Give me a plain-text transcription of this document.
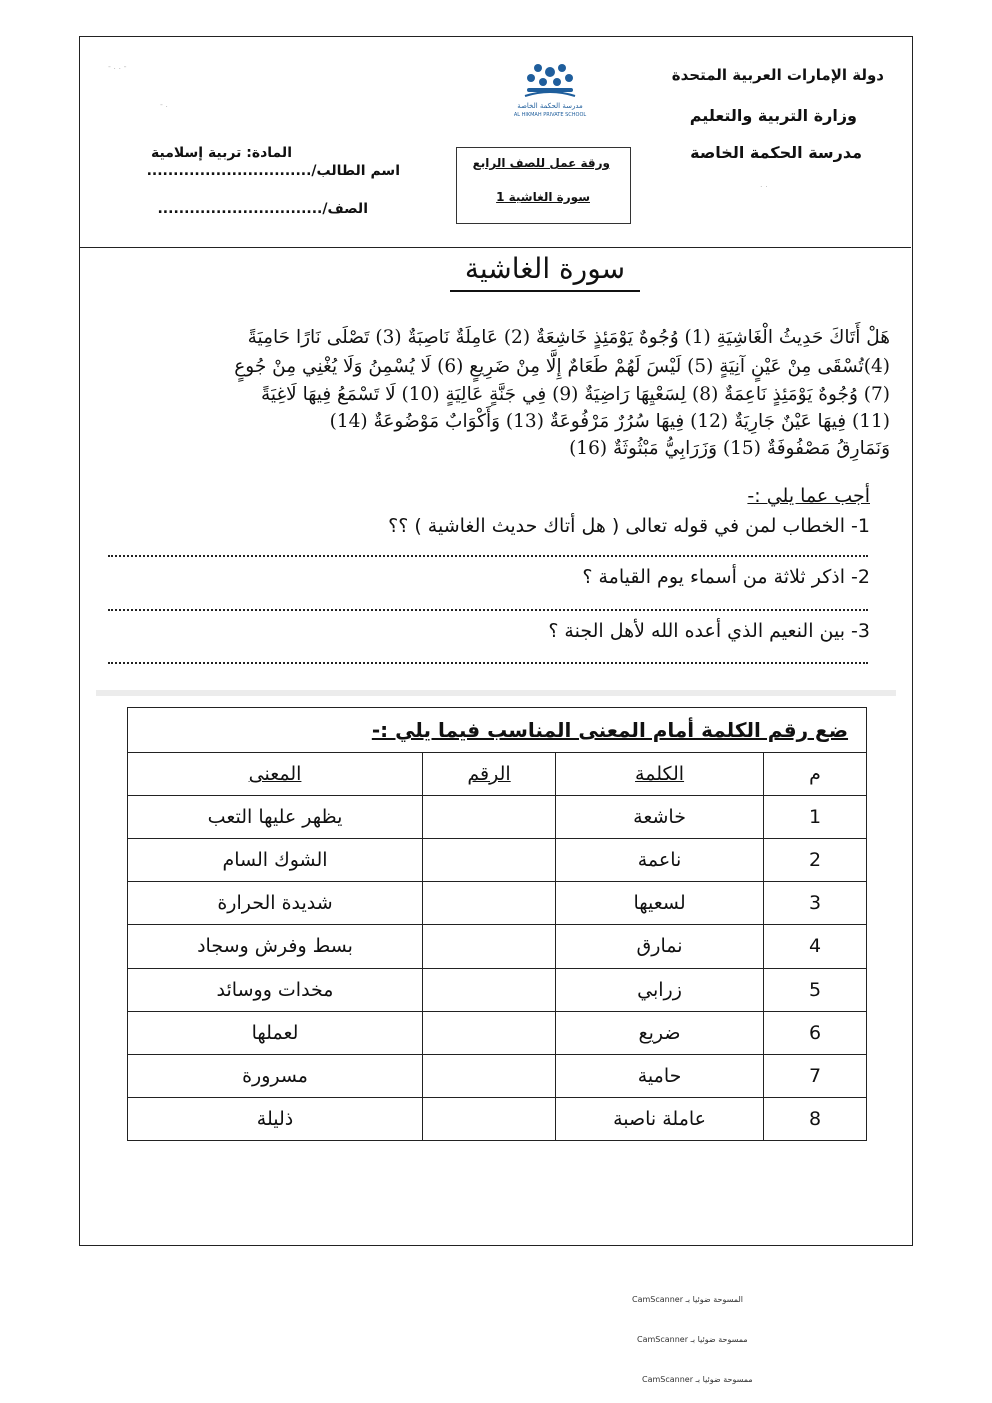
دولة الإمارات العربية المتحدة
وزارة التربية والتعليم
مدرسة الحكمة الخاصة
مدرسة الحكمة الخاصة
AL HIKMAH PRIVATE SCHOOL
ورقة عمل للصف الرابع
سورة الغاشية 1
المادة: تربية إسلامية
اسم الطالب/...............................
الصف/...............................
- . . -
- .
. .
سورة الغاشية
هَلْ أَتَاكَ حَدِيثُ الْغَاشِيَةِ (1) وُجُوهٌ يَوْمَئِذٍ خَاشِعَةٌ (2) عَامِلَةٌ نَاصِبَةٌ (3) تَصْلَى نَارًا حَامِيَةً
(4)تُسْقَى مِنْ عَيْنٍ آنِيَةٍ (5) لَيْسَ لَهُمْ طَعَامٌ إِلَّا مِنْ ضَرِيعٍ (6) لَا يُسْمِنُ وَلَا يُغْنِي مِنْ جُوعٍ
(7) وُجُوهٌ يَوْمَئِذٍ نَاعِمَةٌ (8) لِسَعْيِهَا رَاضِيَةٌ (9) فِي جَنَّةٍ عَالِيَةٍ (10) لَا تَسْمَعُ فِيهَا لَاغِيَةً
(11) فِيهَا عَيْنٌ جَارِيَةٌ (12) فِيهَا سُرُرٌ مَرْفُوعَةٌ (13) وَأَكْوَابٌ مَوْضُوعَةٌ (14)
وَنَمَارِقُ مَصْفُوفَةٌ (15) وَزَرَابِيُّ مَبْثُوثَةٌ (16)
أجب عما يلي :-
1- الخطاب لمن في قوله تعالى ( هل أتاك حديث الغاشية ) ؟؟
2- اذكر ثلاثة من أسماء يوم القيامة ؟
3- بين النعيم الذي أعده الله لأهل الجنة ؟
ضع رقم الكلمة أمام المعنى المناسب فيما يلي :-			
م	الكلمة	الرقم	المعنى
1	خاشعة		يظهر عليها التعب
2	ناعمة		الشوك السام
3	لسعيها		شديدة الحرارة
4	نمارق		بسط وفرش وسجاد
5	زرابي		مخدات ووسائد
6	ضريع		لعملها
7	حامية		مسرورة
8	عاملة ناصبة		ذليلة
CamScanner المسوحة ضوئيا بـ
CamScanner ممسوحة ضوئيا بـ
CamScanner ممسوحة ضوئيا بـ
